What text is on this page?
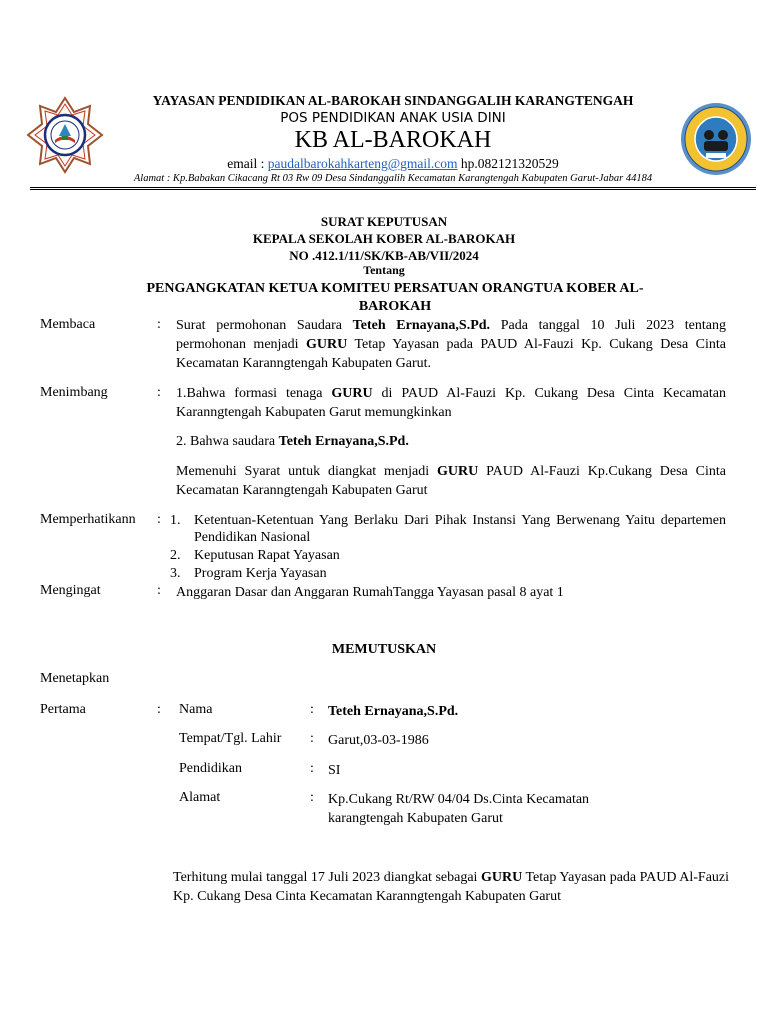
YAYASAN PENDIDIKAN AL-BAROKAH SINDANGGALIH KARANGTENGAH
POS PENDIDIKAN ANAK USIA DINI
KB AL-BAROKAH
email : paudalbarokahkarteng@gmail.com hp.082121320529
Alamat : Kp.Babakan Cikacang Rt 03 Rw 09 Desa Sindanggalih Kecamatan Karangtengah Kabupaten Garut-Jabar 44184
SURAT KEPUTUSAN
KEPALA SEKOLAH KOBER AL-BAROKAH
NO .412.1/11/SK/KB-AB/VII/2024
Tentang
PENGANGKATAN KETUA KOMITEU PERSATUAN ORANGTUA KOBER AL-BAROKAH
Membaca	: Surat permohonan Saudara Teteh Ernayana,S.Pd. Pada tanggal 10 Juli 2023 tentang permohonan menjadi GURU Tetap Yayasan pada PAUD Al-Fauzi Kp. Cukang Desa Cinta Kecamatan Karanngtengah Kabupaten Garut.
Menimbang	: 1.Bahwa formasi tenaga GURU di PAUD Al-Fauzi Kp. Cukang Desa Cinta Kecamatan Karanngtengah Kabupaten Garut memungkinkan
2. Bahwa saudara Teteh Ernayana,S.Pd.
Memenuhi Syarat untuk diangkat menjadi GURU PAUD Al-Fauzi Kp.Cukang Desa Cinta Kecamatan Karanngtengah Kabupaten Garut
Memperhatikann : 1. Ketentuan-Ketentuan Yang Berlaku Dari Pihak Instansi Yang Berwenang Yaitu departemen Pendidikan Nasional
2. Keputusan Rapat Yayasan
3. Program Kerja Yayasan
Mengingat	: Anggaran Dasar dan Anggaran RumahTangga Yayasan pasal 8 ayat 1
MEMUTUSKAN
Menetapkan
Pertama	: Nama	: Teteh Ernayana,S.Pd.
Tempat/Tgl. Lahir : Garut,03-03-1986
Pendidikan	: SI
Alamat	: Kp.Cukang Rt/RW 04/04 Ds.Cinta Kecamatan karangtengah Kabupaten Garut
Terhitung mulai tanggal 17 Juli 2023 diangkat sebagai GURU Tetap Yayasan pada PAUD Al-Fauzi Kp. Cukang Desa Cinta Kecamatan Karanngtengah Kabupaten Garut
